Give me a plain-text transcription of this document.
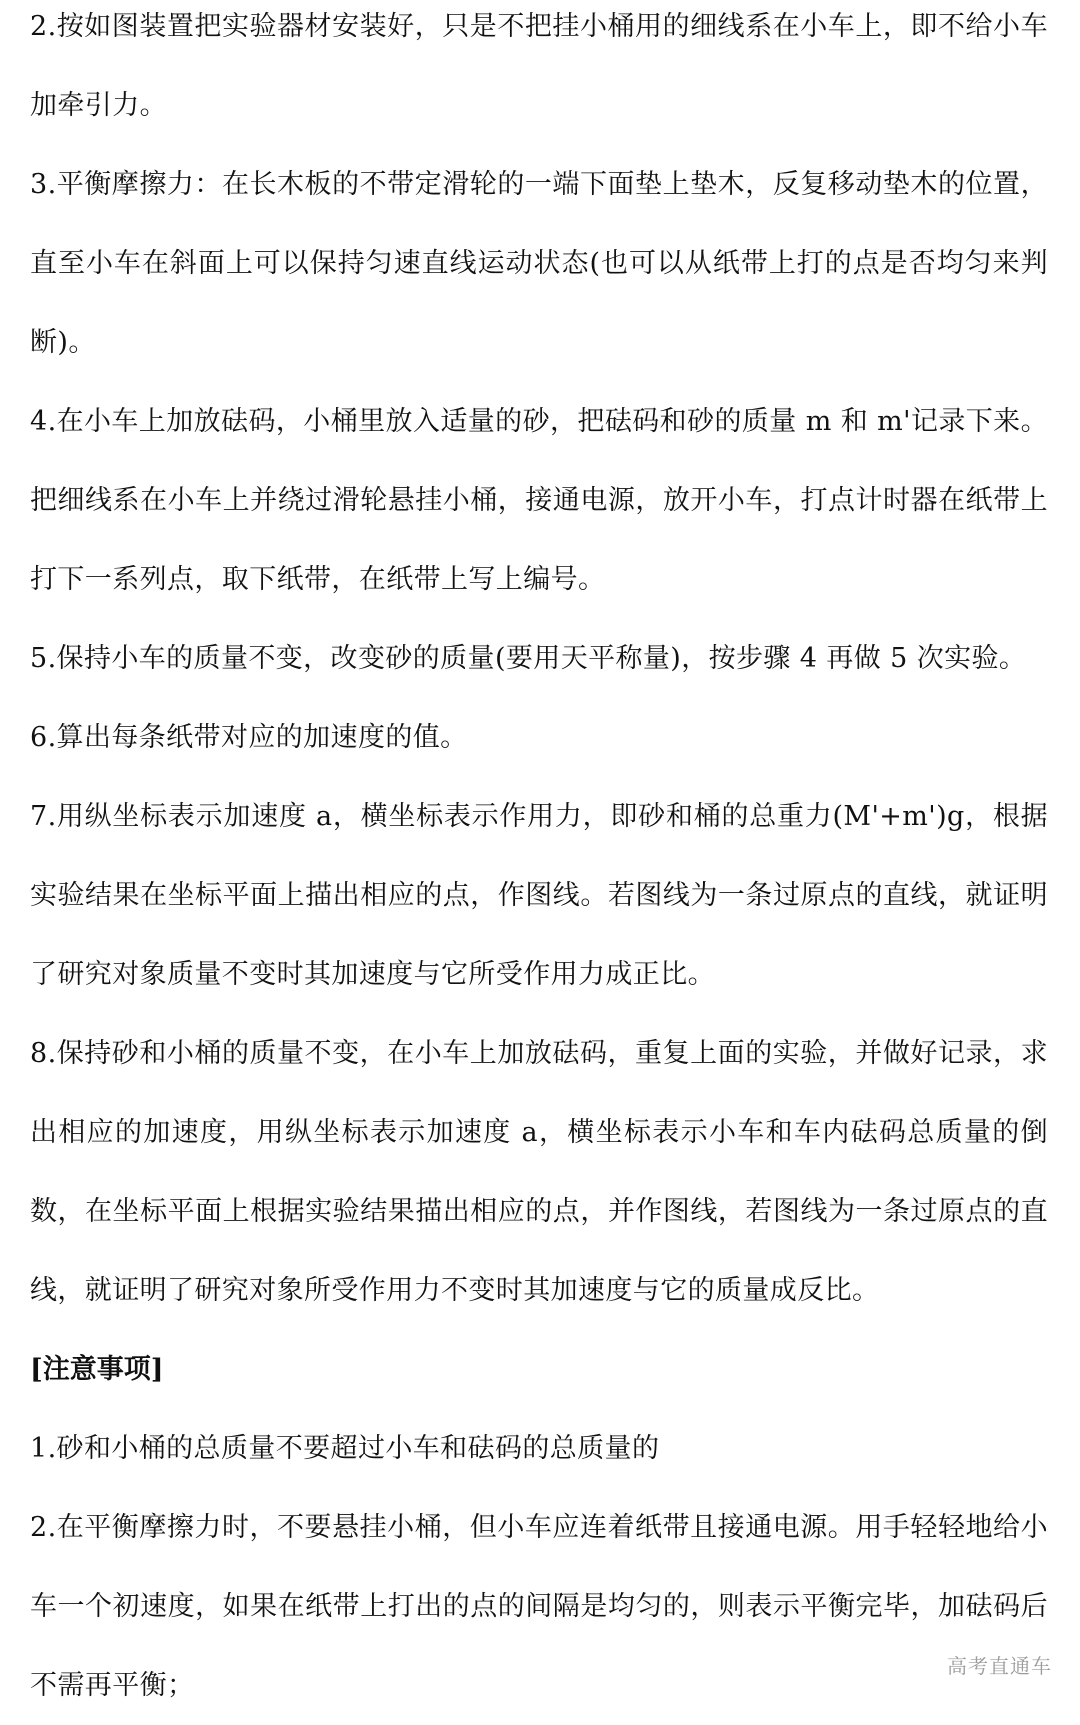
2.按如图装置把实验器材安装好，只是不把挂小桶用的细线系在小车上，即不给小车加牵引力。

3.平衡摩擦力：在长木板的不带定滑轮的一端下面垫上垫木，反复移动垫木的位置，直至小车在斜面上可以保持匀速直线运动状态(也可以从纸带上打的点是否均匀来判断)。

4.在小车上加放砝码，小桶里放入适量的砂，把砝码和砂的质量 m 和 m'记录下来。把细线系在小车上并绕过滑轮悬挂小桶，接通电源，放开小车，打点计时器在纸带上打下一系列点，取下纸带，在纸带上写上编号。

5.保持小车的质量不变，改变砂的质量(要用天平称量)，按步骤 4 再做 5 次实验。

6.算出每条纸带对应的加速度的值。

7.用纵坐标表示加速度 a，横坐标表示作用力，即砂和桶的总重力(M'+m')g，根据实验结果在坐标平面上描出相应的点，作图线。若图线为一条过原点的直线，就证明了研究对象质量不变时其加速度与它所受作用力成正比。

8.保持砂和小桶的质量不变，在小车上加放砝码，重复上面的实验，并做好记录，求出相应的加速度，用纵坐标表示加速度 a，横坐标表示小车和车内砝码总质量的倒数，在坐标平面上根据实验结果描出相应的点，并作图线，若图线为一条过原点的直线，就证明了研究对象所受作用力不变时其加速度与它的质量成反比。

[注意事项]

1.砂和小桶的总质量不要超过小车和砝码的总质量的

2.在平衡摩擦力时，不要悬挂小桶，但小车应连着纸带且接通电源。用手轻轻地给小车一个初速度，如果在纸带上打出的点的间隔是均匀的，则表示平衡完毕，加砝码后不需再平衡；

高考直通车
